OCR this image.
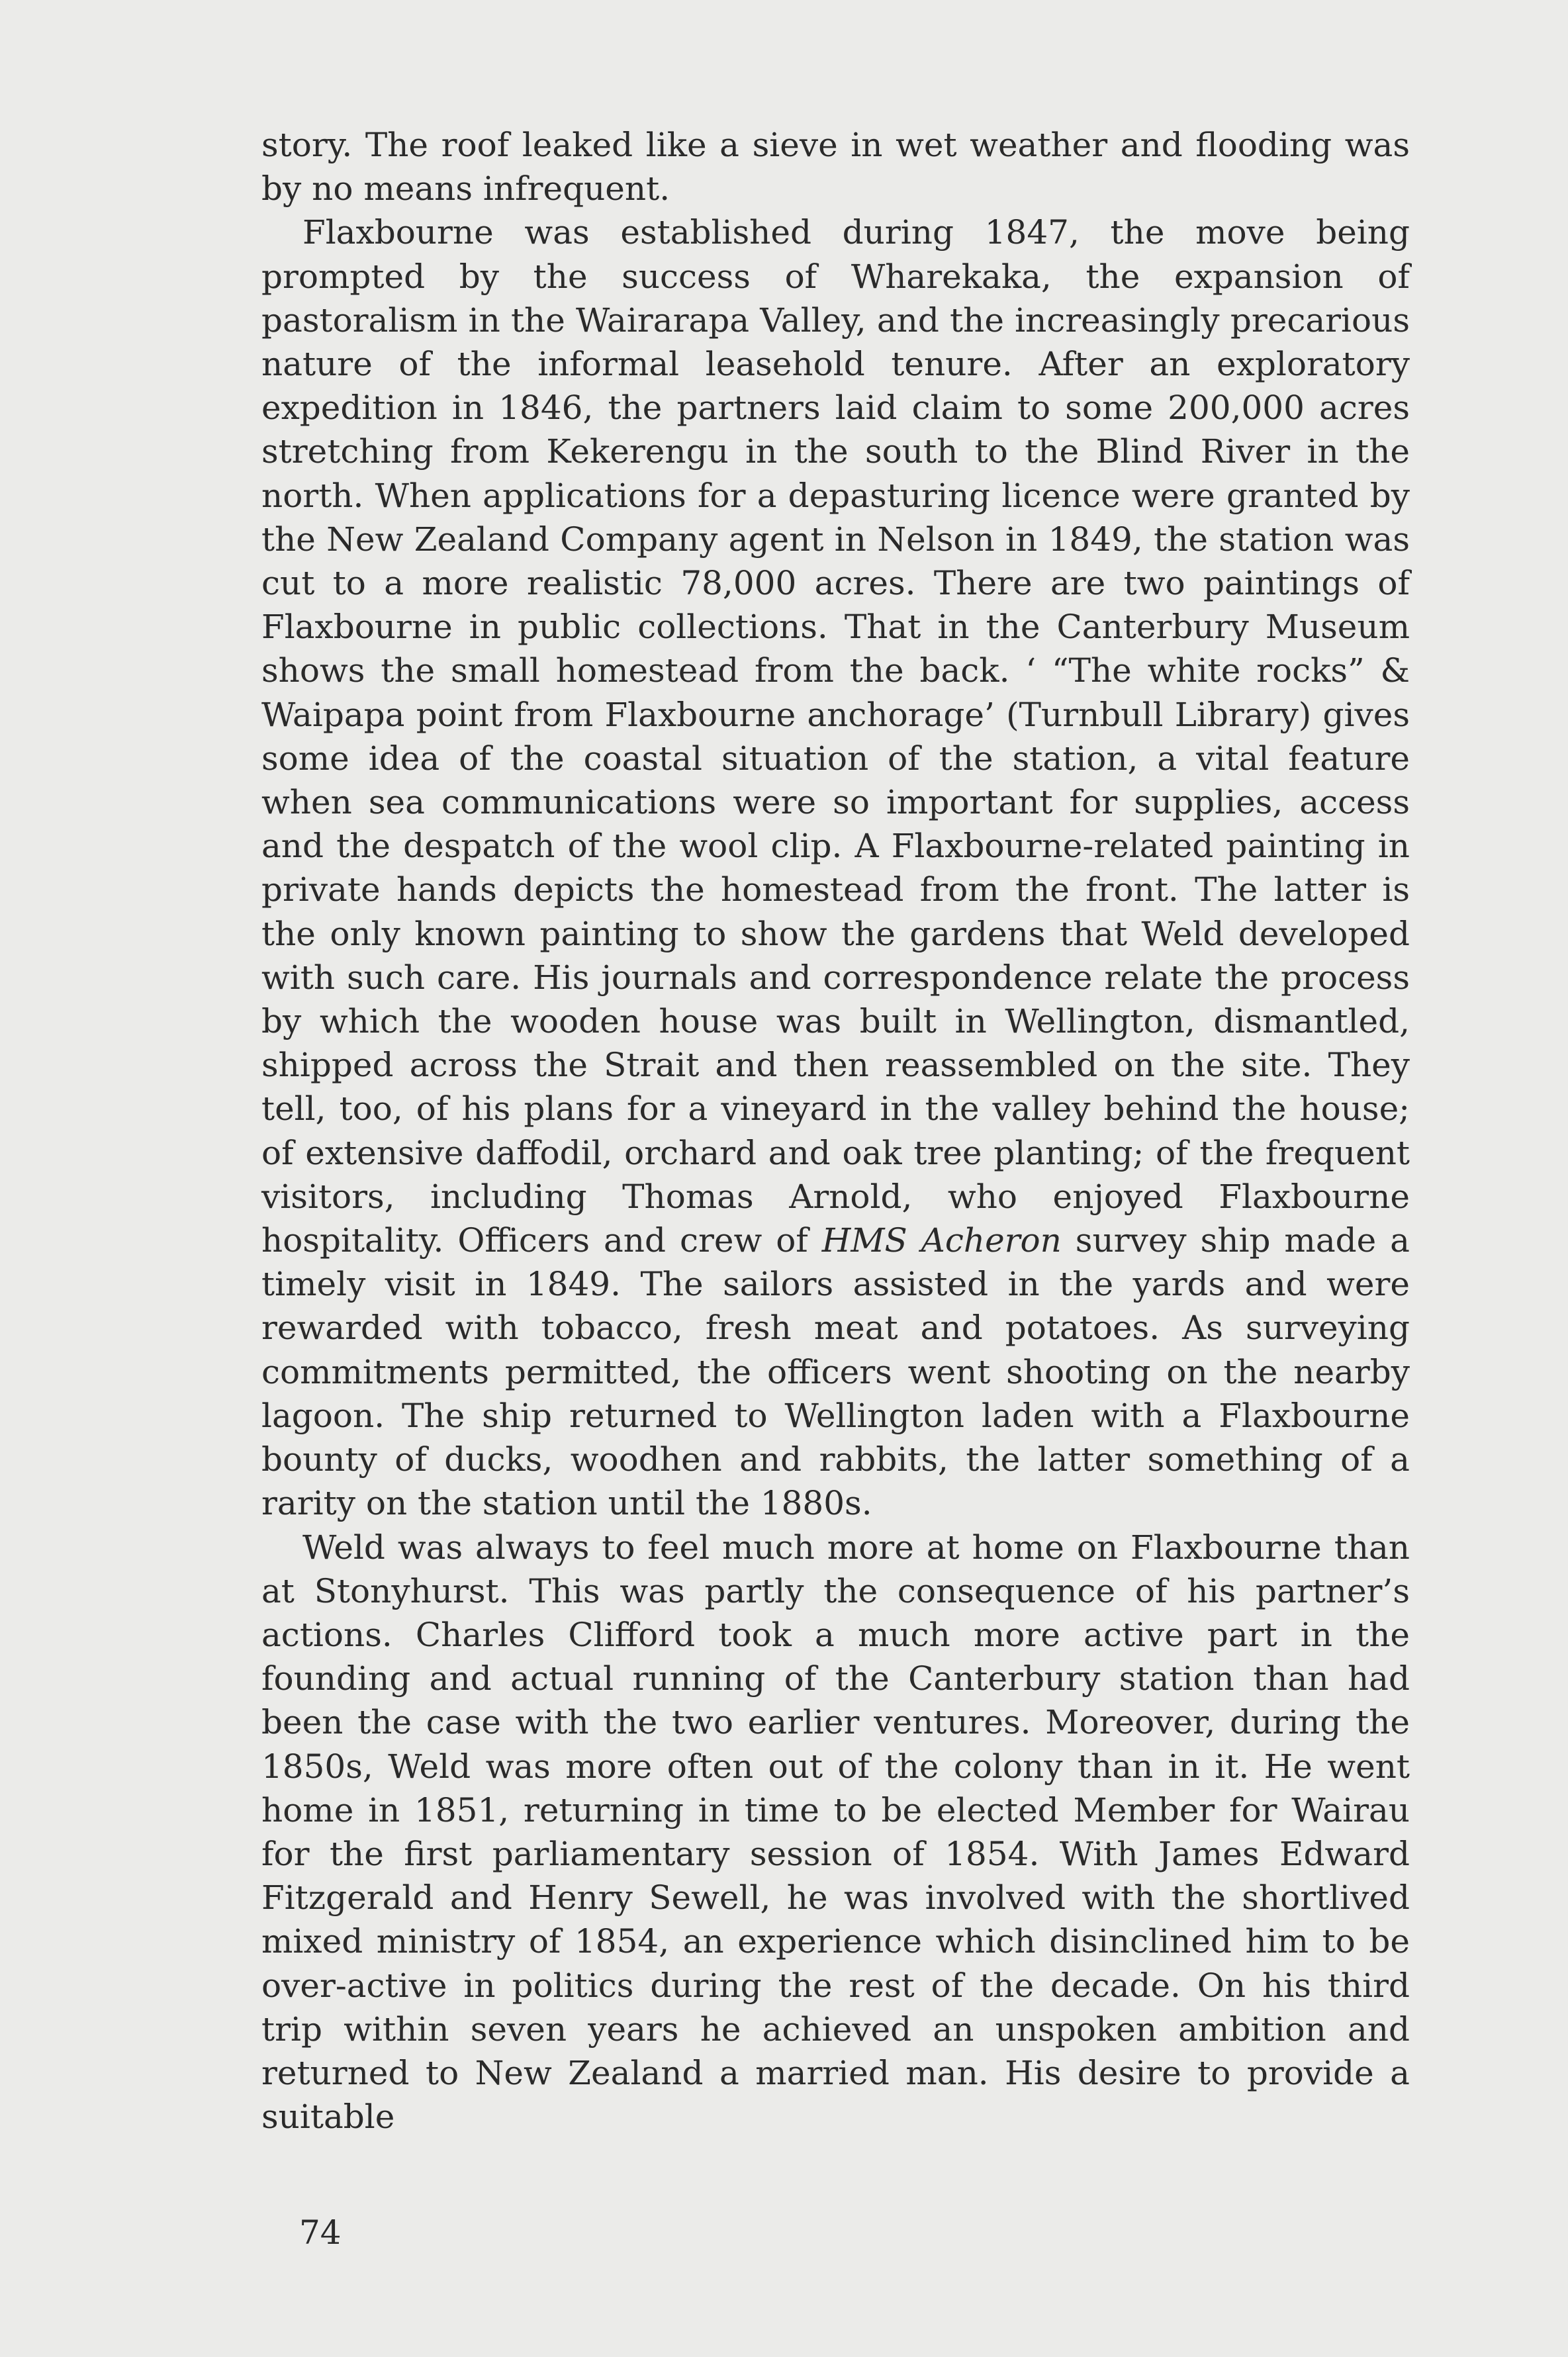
story. The roof leaked like a sieve in wet weather and flooding was by no means infrequent.

Flaxbourne was established during 1847, the move being prompted by the success of Wharekaka, the expansion of pastoralism in the Wairarapa Valley, and the increasingly precarious nature of the informal leasehold tenure. After an exploratory expedition in 1846, the partners laid claim to some 200,000 acres stretching from Kekerengu in the south to the Blind River in the north. When applications for a depasturing licence were granted by the New Zealand Company agent in Nelson in 1849, the station was cut to a more realistic 78,000 acres. There are two paintings of Flaxbourne in public collections. That in the Canterbury Museum shows the small homestead from the back. ‘ “The white rocks” & Waipapa point from Flaxbourne anchorage’ (Turnbull Library) gives some idea of the coastal situation of the station, a vital feature when sea communications were so important for supplies, access and the despatch of the wool clip. A Flaxbourne-related painting in private hands depicts the homestead from the front. The latter is the only known painting to show the gardens that Weld developed with such care. His journals and correspondence relate the process by which the wooden house was built in Wellington, dismantled, shipped across the Strait and then reassembled on the site. They tell, too, of his plans for a vineyard in the valley behind the house; of extensive daffodil, orchard and oak tree planting; of the frequent visitors, including Thomas Arnold, who enjoyed Flaxbourne hospitality. Officers and crew of HMS Acheron survey ship made a timely visit in 1849. The sailors assisted in the yards and were rewarded with tobacco, fresh meat and potatoes. As surveying commitments permitted, the officers went shooting on the nearby lagoon. The ship returned to Wellington laden with a Flaxbourne bounty of ducks, woodhen and rabbits, the latter something of a rarity on the station until the 1880s.

Weld was always to feel much more at home on Flaxbourne than at Stonyhurst. This was partly the consequence of his partner’s actions. Charles Clifford took a much more active part in the founding and actual running of the Canterbury station than had been the case with the two earlier ventures. Moreover, during the 1850s, Weld was more often out of the colony than in it. He went home in 1851, returning in time to be elected Member for Wairau for the first parliamentary session of 1854. With James Edward Fitzgerald and Henry Sewell, he was involved with the shortlived mixed ministry of 1854, an experience which disinclined him to be over-active in politics during the rest of the decade. On his third trip within seven years he achieved an unspoken ambition and returned to New Zealand a married man. His desire to provide a suitable

74
